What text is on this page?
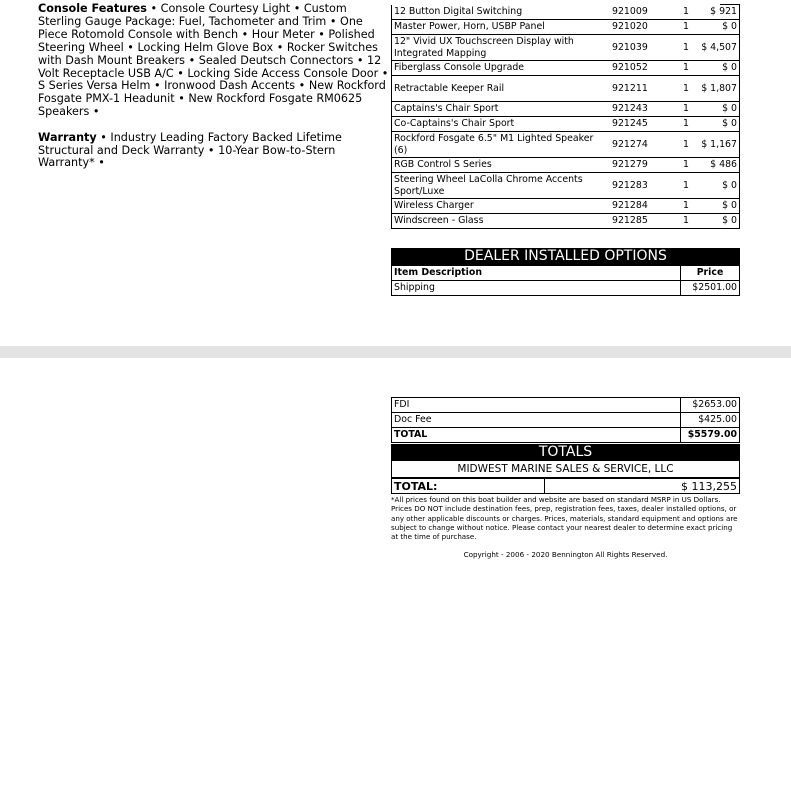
Console Features • Console Courtesy Light • Custom Sterling Gauge Package: Fuel, Tachometer and Trim • One Piece Rotomold Console with Bench • Hour Meter • Polished Steering Wheel • Locking Helm Glove Box • Rocker Switches with Dash Mount Breakers • Sealed Deutsch Connectors • 12 Volt Receptacle USB A/C • Locking Side Access Console Door • S Series Versa Helm • Ironwood Dash Accents • New Rockford Fosgate PMX-1 Headunit • New Rockford Fosgate RM0625 Speakers •

Warranty • Industry Leading Factory Backed Lifetime Structural and Deck Warranty • 10-Year Bow-to-Stern Warranty* •

12 Button Digital Switching	921009	1	$ 921
Master Power, Horn, USBP Panel	921020	1	$ 0
12" Vivid UX Touchscreen Display with Integrated Mapping	921039	1	$ 4,507
Fiberglass Console Upgrade	921052	1	$ 0
Retractable Keeper Rail	921211	1	$ 1,807
Captains's Chair Sport	921243	1	$ 0
Co-Captains's Chair Sport	921245	1	$ 0
Rockford Fosgate 6.5" M1 Lighted Speaker (6)	921274	1	$ 1,167
RGB Control S Series	921279	1	$ 486
Steering Wheel LaColla Chrome Accents Sport/Luxe	921283	1	$ 0
Wireless Charger	921284	1	$ 0
Windscreen - Glass	921285	1	$ 0
DEALER INSTALLED OPTIONS
Item Description	Price
Shipping	$2501.00
FDI	$2653.00
Doc Fee	$425.00
TOTAL	$5579.00
TOTALS
MIDWEST MARINE SALES & SERVICE, LLC
TOTAL:	$ 113,255
*All prices found on this boat builder and website are based on standard MSRP in US Dollars. Prices DO NOT include destination fees, prep, registration fees, taxes, dealer installed options, or any other applicable discounts or charges. Prices, materials, standard equipment and options are subject to change without notice. Please contact your nearest dealer to determine exact pricing at the time of purchase.
Copyright - 2006 - 2020 Bennington All Rights Reserved.
